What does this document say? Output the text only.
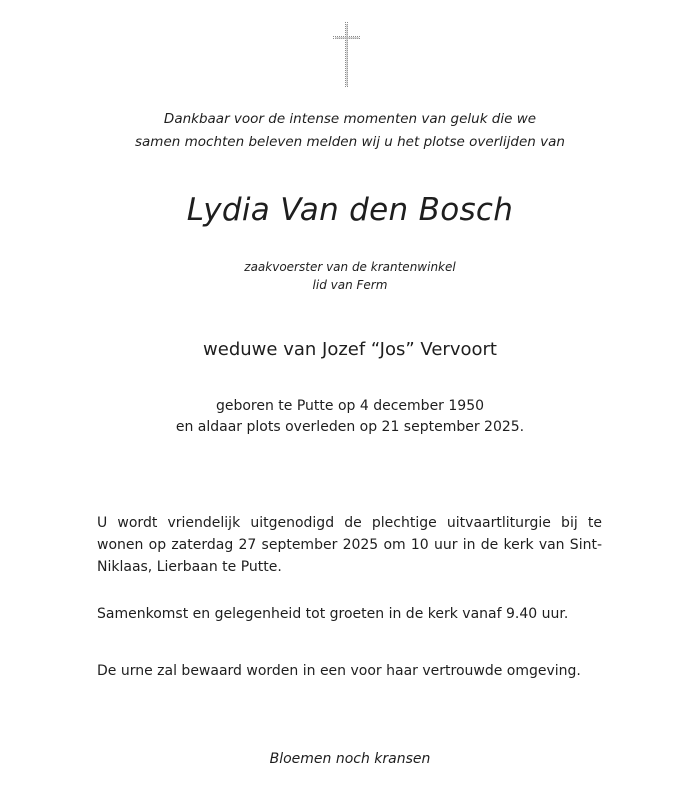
Dankbaar voor de intense momenten van geluk die we
samen mochten beleven melden wij u het plotse overlijden van
Lydia Van den Bosch
zaakvoerster van de krantenwinkel
lid van Ferm
weduwe van Jozef “Jos” Vervoort
geboren te Putte op 4 december 1950
en aldaar plots overleden op 21 september 2025.
U wordt vriendelijk uitgenodigd de plechtige uitvaartliturgie bij te wonen op zaterdag 27 september 2025 om 10 uur in de kerk van Sint-Niklaas, Lierbaan te Putte.
Samenkomst en gelegenheid tot groeten in de kerk vanaf 9.40 uur.
De urne zal bewaard worden in een voor haar vertrouwde omgeving.
Bloemen noch kransen
